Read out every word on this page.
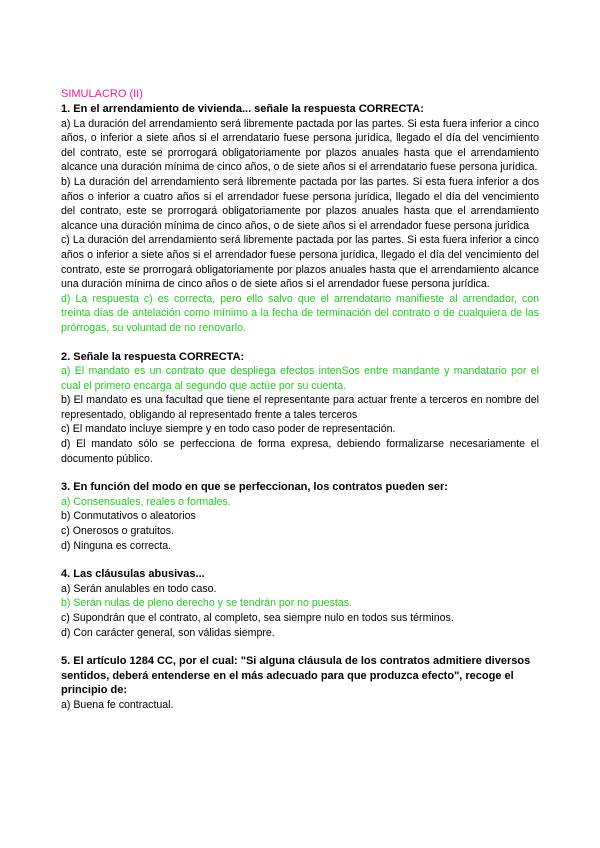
SIMULACRO (II)

1. En el arrendamiento de vivienda... señale la respuesta CORRECTA:

a) La duración del arrendamiento será libremente pactada por las partes. Si esta fuera inferior a cinco años, o inferior a siete años si el arrendatario fuese persona jurídica, llegado el día del vencimiento del contrato, este se prorrogará obligatoriamente por plazos anuales hasta que el arrendamiento alcance una duración mínima de cinco años, o de siete años si el arrendatario fuese persona jurídica.

b) La duración del arrendamiento será libremente pactada por las partes. Si esta fuera inferior a dos años o inferior a cuatro años si el arrendador fuese persona jurídica, llegado el día del vencimiento del contrato, este se prorrogará obligatoriamente por plazos anuales hasta que el arrendamiento alcance una duración mínima de cinco años, o de siete años si el arrendador fuese persona jurídica

c) La duración del arrendamiento será libremente pactada por las partes. Si esta fuera inferior a cinco años o inferior a siete años si el arrendador fuese persona jurídica, llegado el día del vencimiento del contrato, este se prorrogará obligatoriamente por plazos anuales hasta que el arrendamiento alcance una duración mínima de cinco años o de siete años si el arrendador fuese persona jurídica.

d) La respuesta c) es correcta, pero ello salvo que el arrendatario manifieste al arrendador, con treinta días de antelación como mínimo a la fecha de terminación del contrato o de cualquiera de las prórrogas, su voluntad de no renovarlo.

2. Señale la respuesta CORRECTA:

a) El mandato es un contrato que despliega efectos intenSos entre mandante y mandatario por el cual el primero encarga al segundo que actúe por su cuenta.

b) El mandato es una facultad que tiene el representante para actuar frente a terceros en nombre del representado, obligando al representado frente a tales terceros

c) El mandato incluye siempre y en todo caso poder de representación.

d) El mandato sólo se perfecciona de forma expresa, debiendo formalizarse necesariamente el documento público.

3. En función del modo en que se perfeccionan, los contratos pueden ser:

a) Consensuales, reales o formales.

b) Conmutativos o aleatorios

c) Onerosos o gratuitos.

d) Ninguna es correcta.

4. Las cláusulas abusivas...

a) Serán anulables en todo caso.

b) Serán nulas de pleno derecho y se tendrán por no puestas.

c) Supondrán que el contrato, al completo, sea siempre nulo en todos sus términos.

d) Con carácter general, son válidas siempre.

5. El artículo 1284 CC, por el cual: "Si alguna cláusula de los contratos admitiere diversos sentidos, deberá entenderse en el más adecuado para que produzca efecto", recoge el principio de:

a) Buena fe contractual.
